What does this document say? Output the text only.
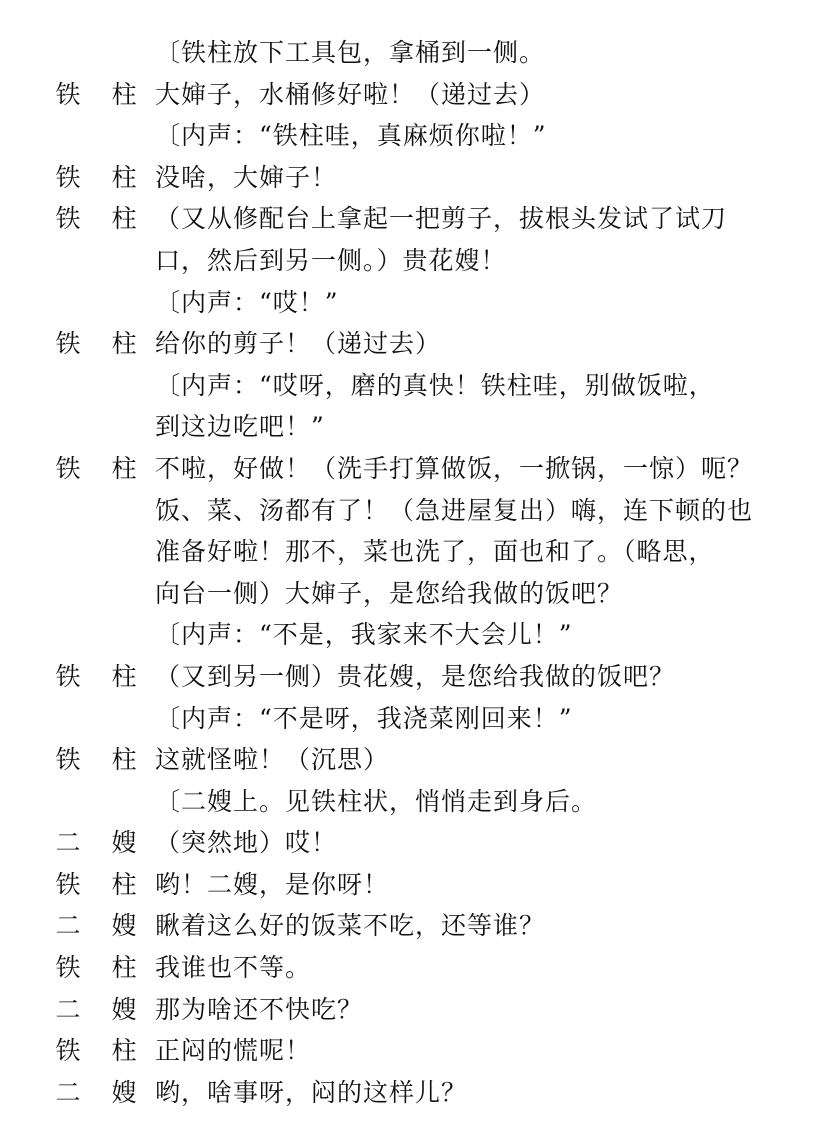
〔铁柱放下工具包，拿桶到一侧。
铁 柱 大婶子，水桶修好啦！（递过去）
〔内声：“铁柱哇，真麻烦你啦！”
铁 柱 没啥，大婶子！
铁 柱 （又从修配台上拿起一把剪子，拔根头发试了试刀
口，然后到另一侧。）贵花嫂！
〔内声：“哎！”
铁 柱 给你的剪子！（递过去）
〔内声：“哎呀，磨的真快！铁柱哇，别做饭啦，
到这边吃吧！”
铁 柱 不啦，好做！（洗手打算做饭，一掀锅，一惊）呃？
饭、菜、汤都有了！（急进屋复出）嗨，连下顿的也
准备好啦！那不，菜也洗了，面也和了。（略思，
向台一侧）大婶子，是您给我做的饭吧？
〔内声：“不是，我家来不大会儿！”
铁 柱 （又到另一侧）贵花嫂，是您给我做的饭吧？
〔内声：“不是呀，我浇菜刚回来！”
铁 柱 这就怪啦！（沉思）
〔二嫂上。见铁柱状，悄悄走到身后。
二 嫂 （突然地）哎！
铁 柱 哟！二嫂，是你呀！
二 嫂 瞅着这么好的饭菜不吃，还等谁？
铁 柱 我谁也不等。
二 嫂 那为啥还不快吃？
铁 柱 正闷的慌呢！
二 嫂 哟，啥事呀，闷的这样儿？
